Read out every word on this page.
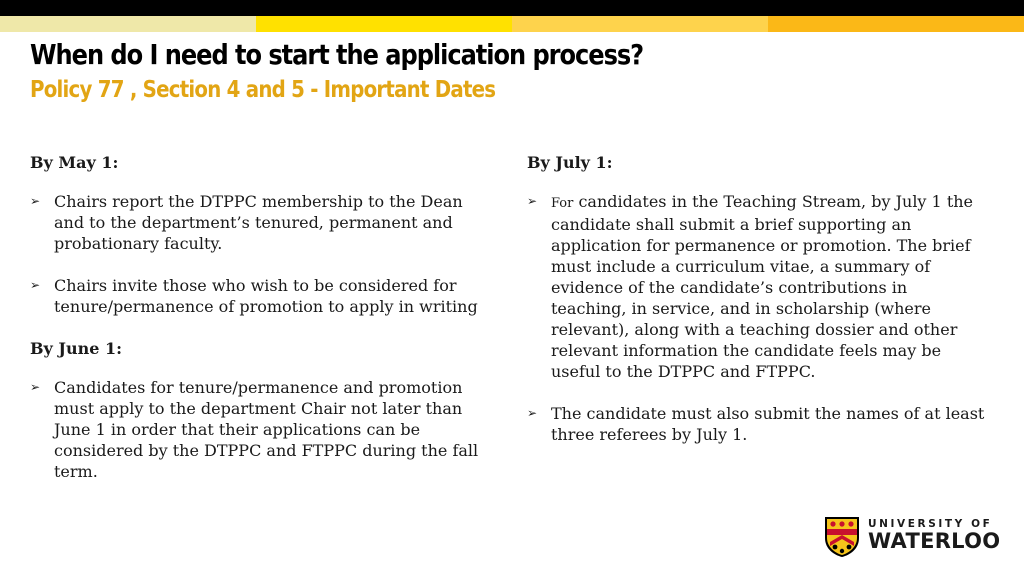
When do I need to start the application process?
Policy 77 , Section 4 and 5 - Important Dates
By May 1:
➢ Chairs report the DTPPC membership to the Dean and to the department’s tenured, permanent and probationary faculty.
➢ Chairs invite those who wish to be considered for tenure/permanence of promotion to apply in writing
By June 1:
➢ Candidates for tenure/permanence and promotion must apply to the department Chair not later than June 1 in order that their applications can be considered by the DTPPC and FTPPC during the fall term.
By July 1:
➢ For candidates in the Teaching Stream, by July 1 the candidate shall submit a brief supporting an application for permanence or promotion. The brief must include a curriculum vitae, a summary of evidence of the candidate’s contributions in teaching, in service, and in scholarship (where relevant), along with a teaching dossier and other relevant information the candidate feels may be useful to the DTPPC and FTPPC.
➢ The candidate must also submit the names of at least three referees by July 1.
UNIVERSITY OF
WATERLOO
